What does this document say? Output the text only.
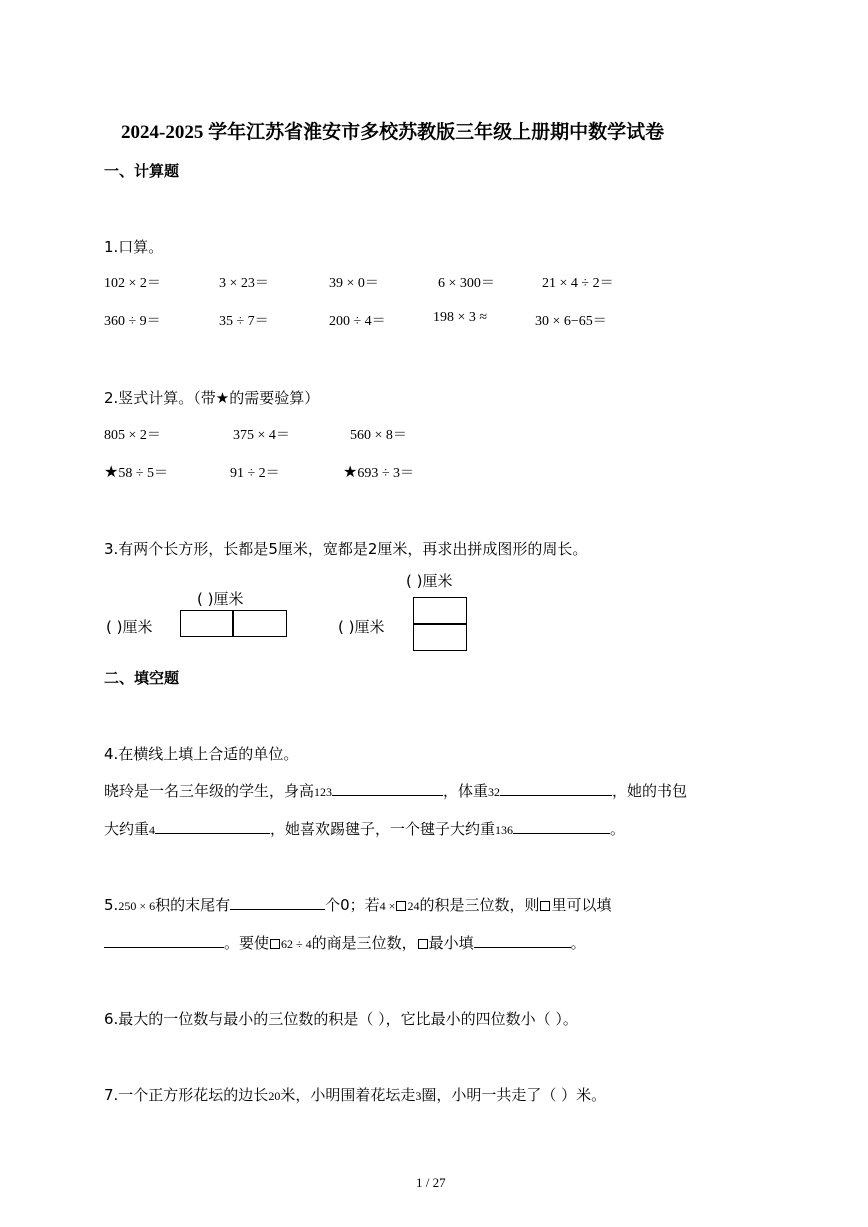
2024-2025 学年江苏省淮安市多校苏教版三年级上册期中数学试卷
一、计算题
1.口算。
102 × 2＝	3 × 23＝	39 × 0＝	6 × 300＝	21 × 4 ÷ 2＝
360 ÷ 9＝	35 ÷ 7＝	200 ÷ 4＝	198 × 3 ≈	30 × 6−65＝
2.竖式计算。（带★的需要验算）
805 × 2＝	375 × 4＝	560 × 8＝
★58 ÷ 5＝	91 ÷ 2＝	★693 ÷ 3＝
3.有两个长方形，长都是5厘米，宽都是2厘米，再求出拼成图形的周长。
( )厘米
( )厘米
( )厘米
( )厘米
二、填空题
4.在横线上填上合适的单位。
晓玲是一名三年级的学生，身高123	，体重32	，她的书包
大约重4	，她喜欢踢毽子，一个毽子大约重136	。
5.250 × 6积的末尾有	个0；若4 × 24的积是三位数，则 里可以填
。要使 62 ÷ 4的商是三位数， 最小填	。
6.最大的一位数与最小的三位数的积是（ ），它比最小的四位数小（ ）。
7.一个正方形花坛的边长20米，小明围着花坛走3圈，小明一共走了（ ）米。
1 / 27
